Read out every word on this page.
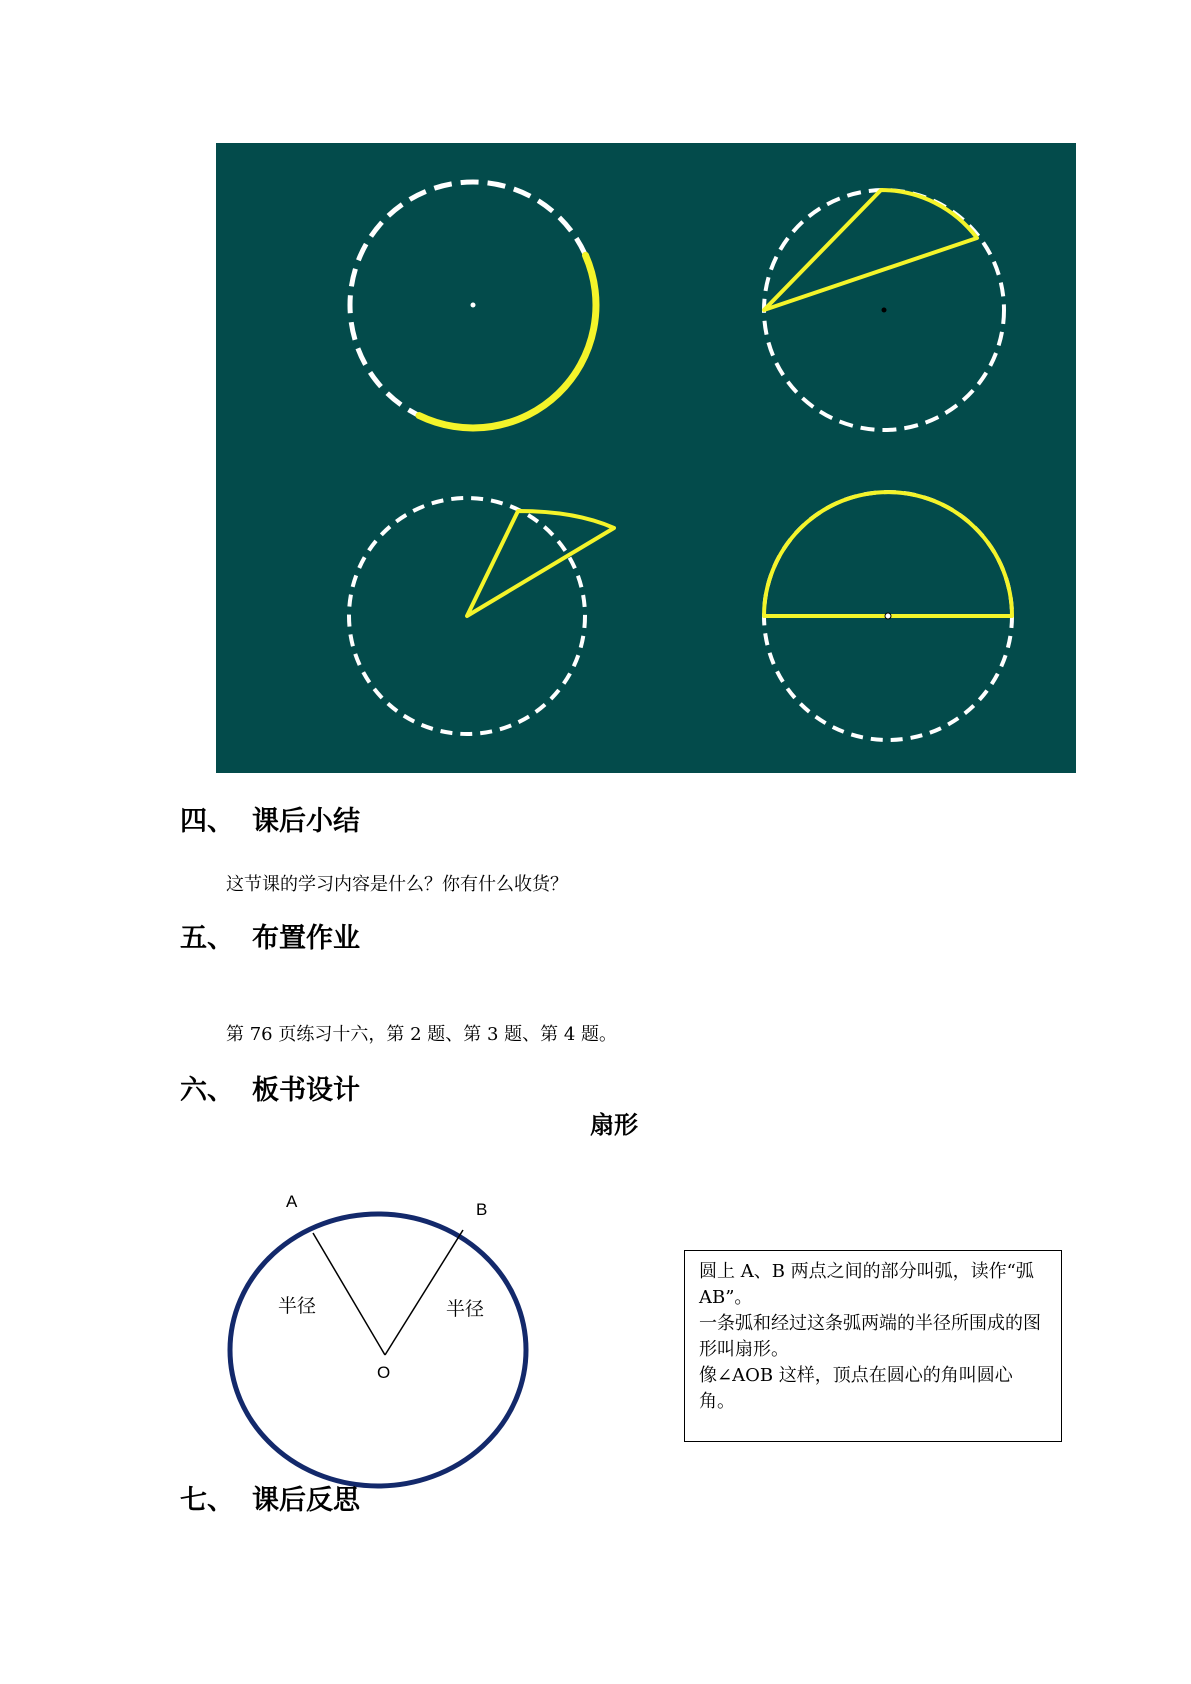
四、 课后小结
这节课的学习内容是什么？你有什么收货？
五、 布置作业
第 76 页练习十六，第 2 题、第 3 题、第 4 题。
六、 板书设计
扇形
A	B
O
半径	半径

圆上 A、B 两点之间的部分叫弧，读作“弧 AB”。

一条弧和经过这条弧两端的半径所围成的图形叫扇形。

像∠AOB 这样，顶点在圆心的角叫圆心角。

七、 课后反思
